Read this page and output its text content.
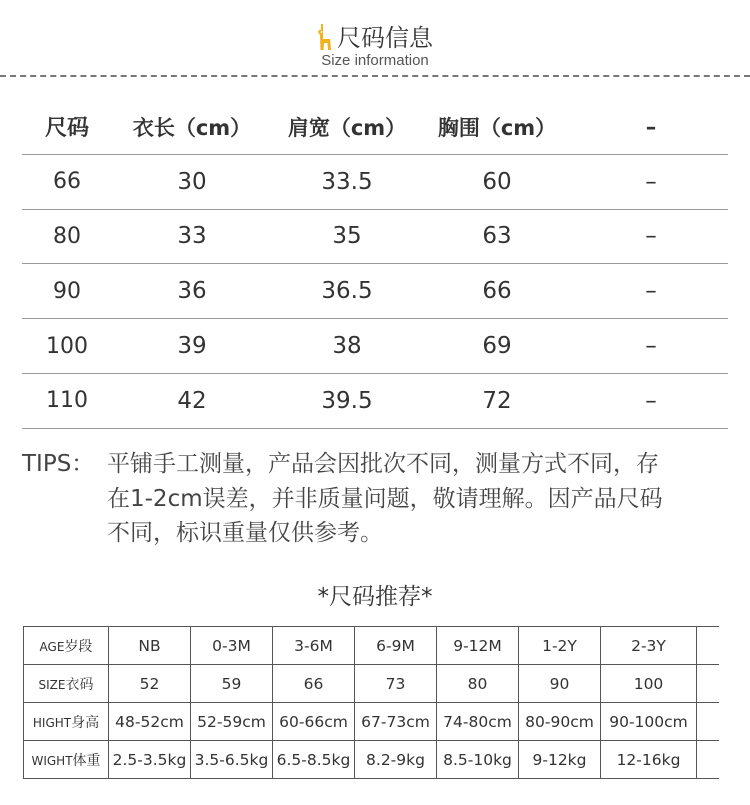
尺码信息
Size information
尺码	衣长（cm）	肩宽（cm）	胸围（cm）	–
66	30	33.5	60	–
80	33	35	63	–
90	36	36.5	66	–
100	39	38	69	–
110	42	39.5	72	–
TIPS： 平铺手工测量，产品会因批次不同，测量方式不同，存
在1-2cm误差，并非质量问题，敬请理解。因产品尺码
不同，标识重量仅供参考。
*尺码推荐*
AGE岁段	NB	0-3M	3-6M	6-9M	9-12M	1-2Y	2-3Y	
SIZE衣码	52	59	66	73	80	90	100	
HIGHT身高	48-52cm	52-59cm	60-66cm	67-73cm	74-80cm	80-90cm	90-100cm	
WIGHT体重	2.5-3.5kg	3.5-6.5kg	6.5-8.5kg	8.2-9kg	8.5-10kg	9-12kg	12-16kg	
